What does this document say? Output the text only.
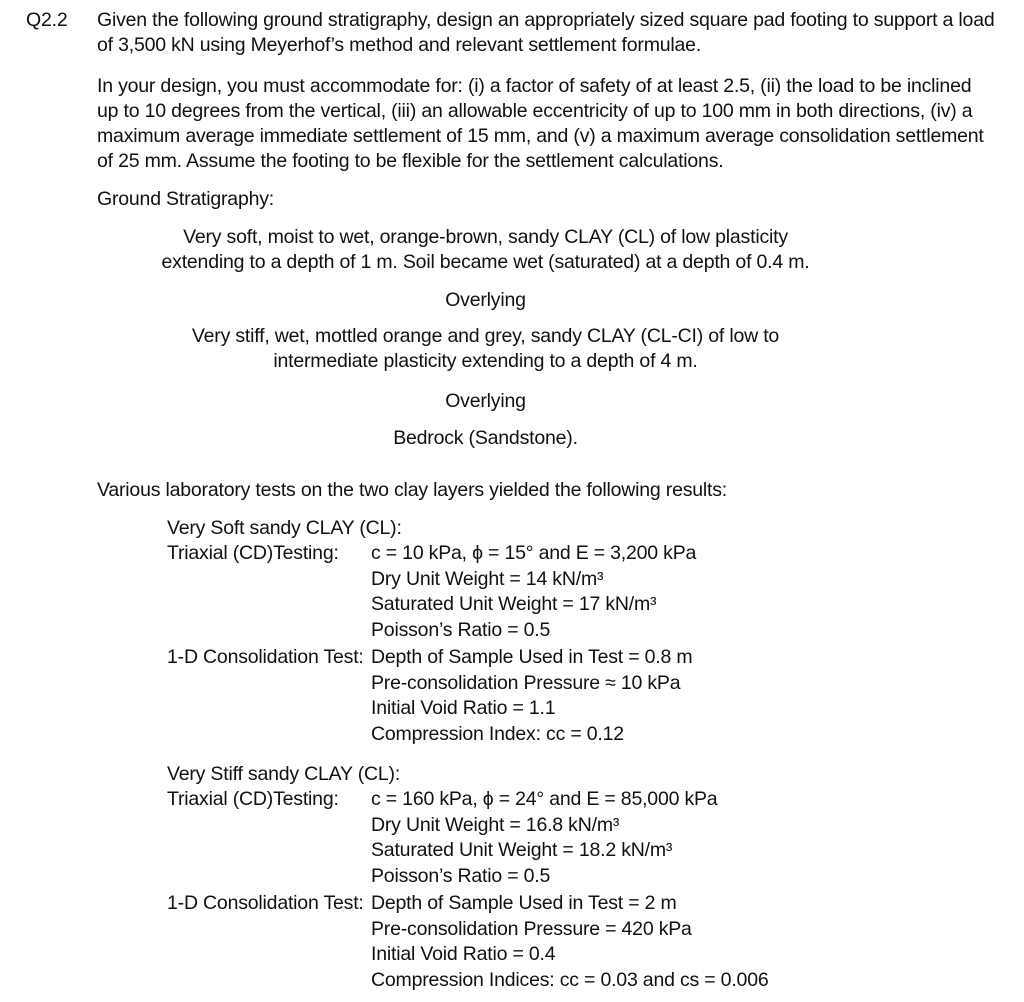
Q2.2 Given the following ground stratigraphy, design an appropriately sized square pad footing to support a load of 3,500 kN using Meyerhof’s method and relevant settlement formulae.
In your design, you must accommodate for: (i) a factor of safety of at least 2.5, (ii) the load to be inclined up to 10 degrees from the vertical, (iii) an allowable eccentricity of up to 100 mm in both directions, (iv) a maximum average immediate settlement of 15 mm, and (v) a maximum average consolidation settlement of 25 mm. Assume the footing to be flexible for the settlement calculations.
Ground Stratigraphy:
Very soft, moist to wet, orange-brown, sandy CLAY (CL) of low plasticity
extending to a depth of 1 m. Soil became wet (saturated) at a depth of 0.4 m.
Overlying
Very stiff, wet, mottled orange and grey, sandy CLAY (CL-CI) of low to
intermediate plasticity extending to a depth of 4 m.
Overlying
Bedrock (Sandstone).
Various laboratory tests on the two clay layers yielded the following results:
Very Soft sandy CLAY (CL):
Triaxial (CD)Testing: c = 10 kPa, ϕ = 15° and E = 3,200 kPa
Dry Unit Weight = 14 kN/m³
Saturated Unit Weight = 17 kN/m³
Poisson’s Ratio = 0.5
1-D Consolidation Test: Depth of Sample Used in Test = 0.8 m
Pre-consolidation Pressure ≈ 10 kPa
Initial Void Ratio = 1.1
Compression Index: cc = 0.12
Very Stiff sandy CLAY (CL):
Triaxial (CD)Testing: c = 160 kPa, ϕ = 24° and E = 85,000 kPa
Dry Unit Weight = 16.8 kN/m³
Saturated Unit Weight = 18.2 kN/m³
Poisson’s Ratio = 0.5
1-D Consolidation Test: Depth of Sample Used in Test = 2 m
Pre-consolidation Pressure = 420 kPa
Initial Void Ratio = 0.4
Compression Indices: cc = 0.03 and cs = 0.006
